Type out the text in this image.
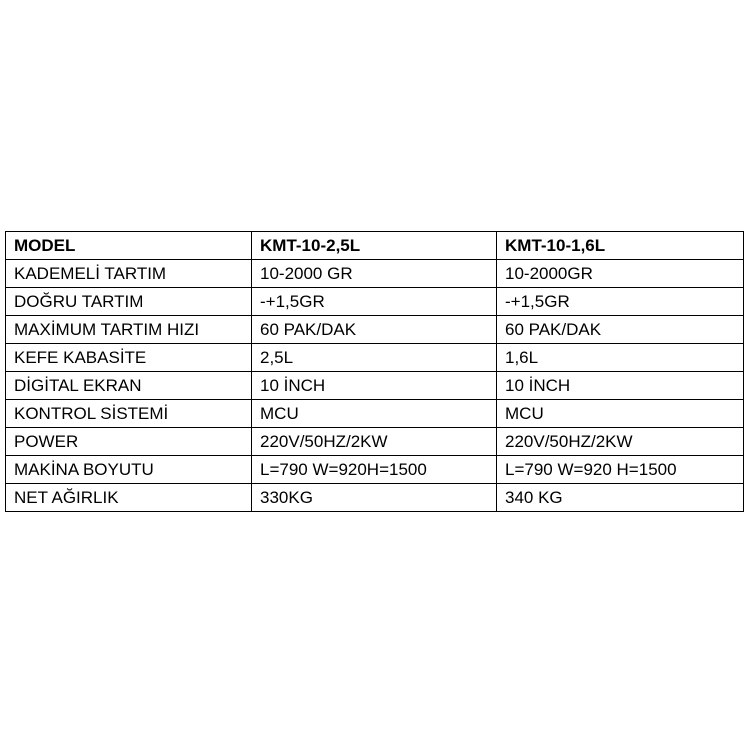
MODEL	KMT-10-2,5L	KMT-10-1,6L
KADEMELİ TARTIM	10-2000 GR	10-2000GR
DOĞRU TARTIM	-+1,5GR	-+1,5GR
MAXİMUM TARTIM HIZI	60 PAK/DAK	60 PAK/DAK
KEFE KABASİTE	2,5L	1,6L
DİGİTAL EKRAN	10 İNCH	10 İNCH
KONTROL SİSTEMİ	MCU	MCU
POWER	220V/50HZ/2KW	220V/50HZ/2KW
MAKİNA BOYUTU	L=790 W=920H=1500	L=790 W=920 H=1500
NET AĞIRLIK	330KG	340 KG
